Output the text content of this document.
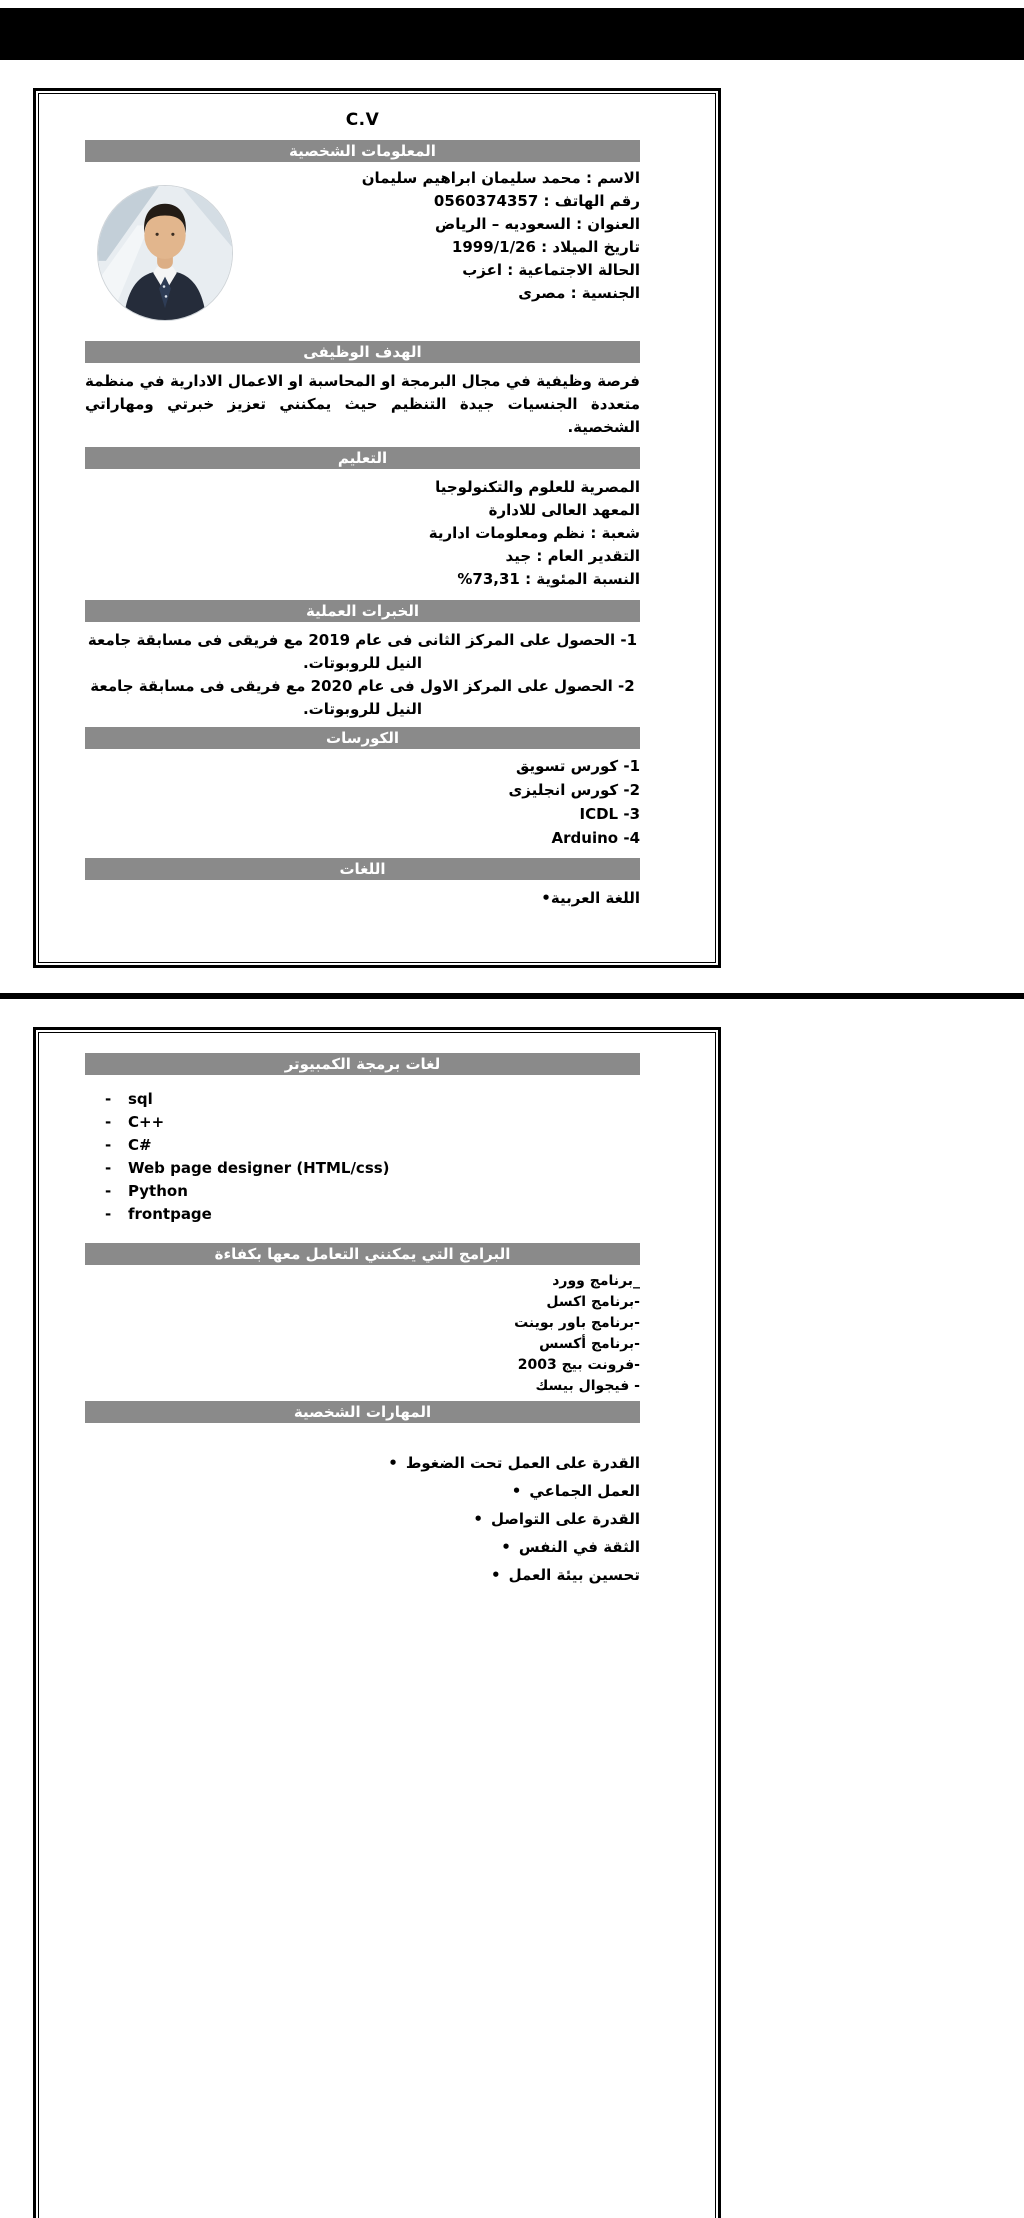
C.V
المعلومات الشخصية
الاسم : محمد سليمان ابراهيم سليمان
رقم الهاتف : 0560374357
العنوان : السعوديه – الرياض
تاريخ الميلاد : 1999/1/26
الحالة الاجتماعية : اعزب
الجنسية : مصرى
الهدف الوظيفى
فرصة وظيفية في مجال البرمجة او المحاسبة او الاعمال الادارية في منظمة متعددة الجنسيات جيدة التنظيم حيث يمكنني تعزيز خبرتي ومهاراتي الشخصية.
التعليم
المصرية للعلوم والتكنولوجيا
المعهد العالى للادارة
شعبة : نظم ومعلومات ادارية
التقدير العام : جيد
النسبة المئوية : 73,31%
الخبرات العملية
1- الحصول على المركز الثانى فى عام 2019 مع فريقى فى مسابقة جامعة النيل للروبوتات.
2- الحصول على المركز الاول فى عام 2020 مع فريقى فى مسابقة جامعة النيل للروبوتات.
الكورسات
1- كورس تسويق
2- كورس انجليزى
3- ICDL
4- Arduino
اللغات
•اللغة العربية
لغات برمجة الكمبيوتر
- sql
- C++
- C#
- Web page designer (HTML/css)
- Python
- frontpage
البرامج التي يمكنني التعامل معها بكفاءة
_برنامج وورد
-برنامج اكسل
-برنامج باور بوينت
-برنامج أكسس
-فرونت بيج 2003
- فيجوال بيسك
المهارات الشخصية
• القدرة على العمل تحت الضغوط
• العمل الجماعي
• القدرة على التواصل
• الثقة في النفس
• تحسين بيئة العمل
